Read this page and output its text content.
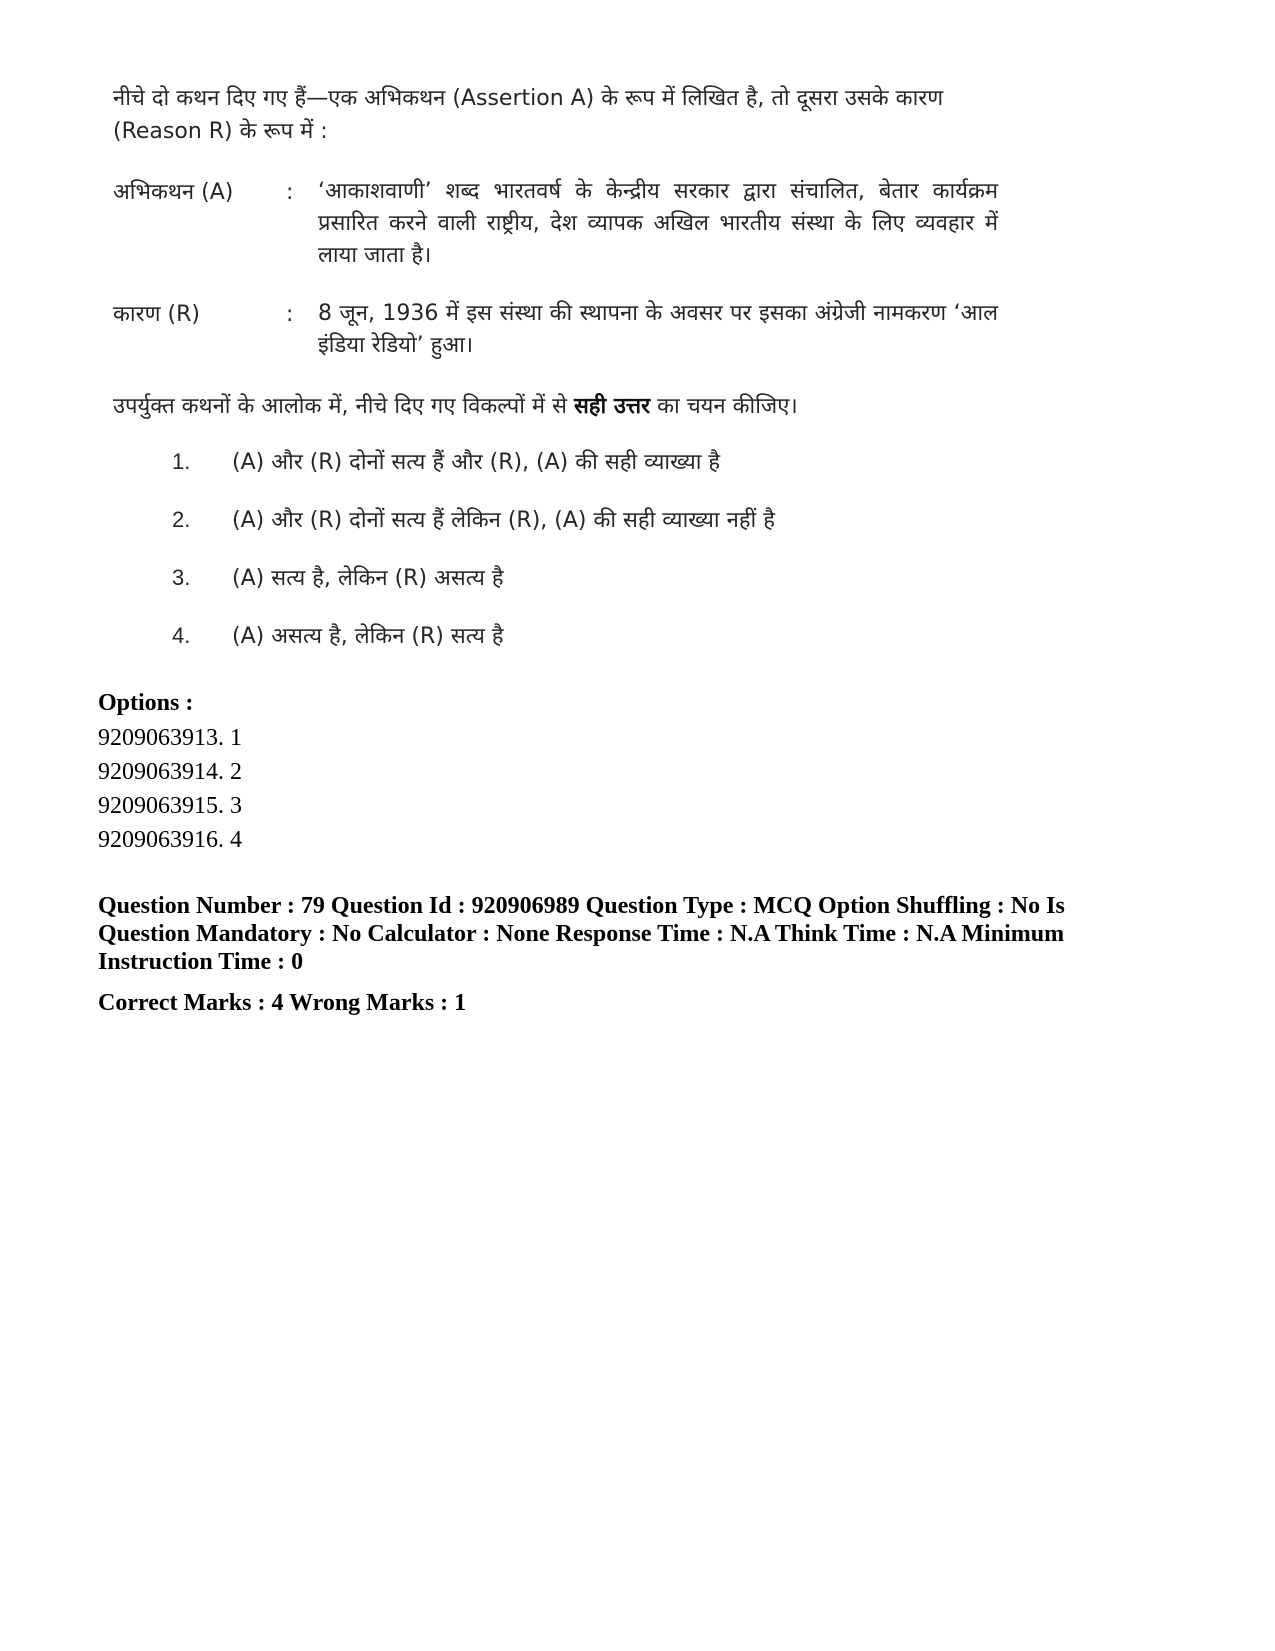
नीचे दो कथन दिए गए हैं—एक अभिकथन (Assertion A) के रूप में लिखित है, तो दूसरा उसके कारण (Reason R) के रूप में :
अभिकथन (A)	:	‘आकाशवाणी’ शब्द भारतवर्ष के केन्द्रीय सरकार द्वारा संचालित, बेतार कार्यक्रम प्रसारित करने वाली राष्ट्रीय, देश व्यापक अखिल भारतीय संस्था के लिए व्यवहार में लाया जाता है।
कारण (R)	:	8 जून, 1936 में इस संस्था की स्थापना के अवसर पर इसका अंग्रेजी नामकरण ‘आल इंडिया रेडियो’ हुआ।
उपर्युक्त कथनों के आलोक में, नीचे दिए गए विकल्पों में से सही उत्तर का चयन कीजिए।
1. (A) और (R) दोनों सत्य हैं और (R), (A) की सही व्याख्या है
2. (A) और (R) दोनों सत्य हैं लेकिन (R), (A) की सही व्याख्या नहीं है
3. (A) सत्य है, लेकिन (R) असत्य है
4. (A) असत्य है, लेकिन (R) सत्य है
Options :
9209063913. 1
9209063914. 2
9209063915. 3
9209063916. 4
Question Number : 79 Question Id : 920906989 Question Type : MCQ Option Shuffling : No Is
Question Mandatory : No Calculator : None Response Time : N.A Think Time : N.A Minimum
Instruction Time : 0
Correct Marks : 4 Wrong Marks : 1
